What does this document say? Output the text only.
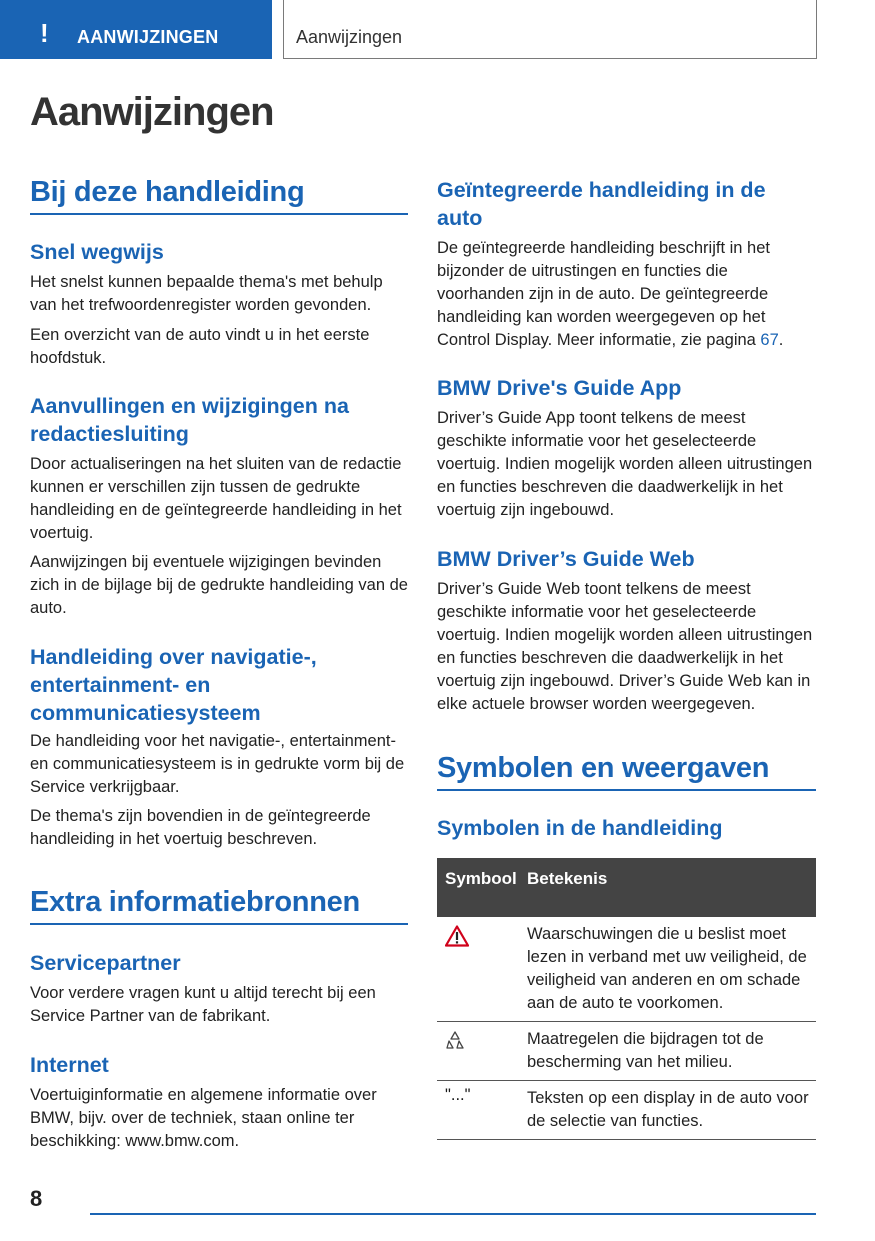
! AANWIJZINGEN	Aanwijzingen
Aanwijzingen
Bij deze handleiding
Snel wegwijs
Het snelst kunnen bepaalde thema's met behulp van het trefwoordenregister worden gevonden.
Een overzicht van de auto vindt u in het eerste hoofdstuk.
Aanvullingen en wijzigingen na redactiesluiting
Door actualiseringen na het sluiten van de redactie kunnen er verschillen zijn tussen de gedrukte handleiding en de geïntegreerde handleiding in het voertuig.
Aanwijzingen bij eventuele wijzigingen bevinden zich in de bijlage bij de gedrukte handleiding van de auto.
Handleiding over navigatie-, entertainment- en communicatiesysteem
De handleiding voor het navigatie-, entertainment- en communicatiesysteem is in gedrukte vorm bij de Service verkrijgbaar.
De thema's zijn bovendien in de geïntegreerde handleiding in het voertuig beschreven.
Extra informatiebronnen
Servicepartner
Voor verdere vragen kunt u altijd terecht bij een Service Partner van de fabrikant.
Internet
Voertuiginformatie en algemene informatie over BMW, bijv. over de techniek, staan online ter beschikking: www.bmw.com.
Geïntegreerde handleiding in de auto
De geïntegreerde handleiding beschrijft in het bijzonder de uitrustingen en functies die voorhanden zijn in de auto. De geïntegreerde handleiding kan worden weergegeven op het Control Display. Meer informatie, zie pagina 67.
BMW Drive's Guide App
Driver’s Guide App toont telkens de meest geschikte informatie voor het geselecteerde voertuig. Indien mogelijk worden alleen uitrustingen en functies beschreven die daadwerkelijk in het voertuig zijn ingebouwd.
BMW Driver’s Guide Web
Driver’s Guide Web toont telkens de meest geschikte informatie voor het geselecteerde voertuig. Indien mogelijk worden alleen uitrustingen en functies beschreven die daadwerkelijk in het voertuig zijn ingebouwd. Driver’s Guide Web kan in elke actuele browser worden weergegeven.
Symbolen en weergaven
Symbolen in de handleiding
Symbool Betekenis
Waarschuwingen die u beslist moet lezen in verband met uw veiligheid, de veiligheid van anderen en om schade aan de auto te voorkomen.
Maatregelen die bijdragen tot de bescherming van het milieu.
"..."	Teksten op een display in de auto voor de selectie van functies.
8
